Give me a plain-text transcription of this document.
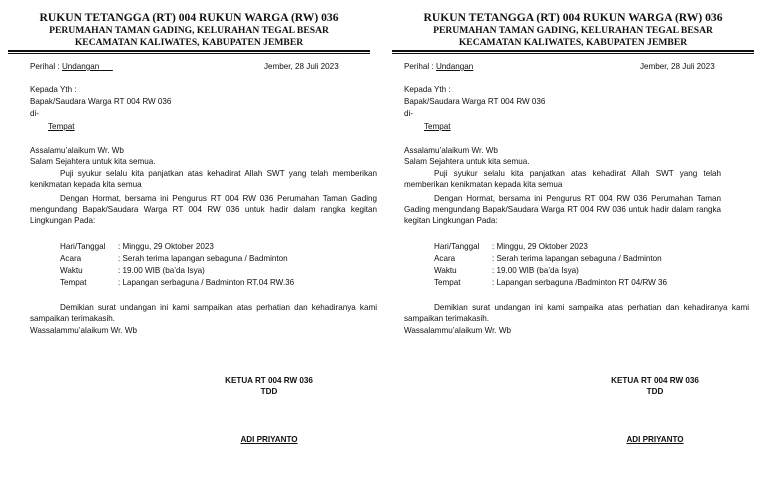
RUKUN TETANGGA (RT) 004 RUKUN WARGA (RW) 036
PERUMAHAN TAMAN GADING, KELURAHAN TEGAL BESAR
KECAMATAN KALIWATES, KABUPATEN JEMBER
Perihal : Undangan	Jember, 28 Juli 2023
Kepada Yth :
Bapak/Saudara Warga RT 004 RW 036
di-
Tempat
Assalamu’alaikum Wr. Wb
Salam Sejahtera untuk kita semua.
Puji syukur selalu kita panjatkan atas kehadirat Allah SWT yang telah memberikan kenikmatan kepada kita semua
Dengan Hormat, bersama ini Pengurus RT 004 RW 036 Perumahan Taman Gading mengundang Bapak/Saudara Warga RT 004 RW 036 untuk hadir dalam rangka kegitan Lingkungan Pada:
Hari/Tanggal : Minggu, 29 Oktober 2023
Acara	: Serah terima lapangan sebaguna / Badminton
Waktu	: 19.00 WIB (ba’da Isya)
Tempat	: Lapangan serbaguna / Badminton RT.04 RW.36
Demikian surat undangan ini kami sampaikan atas perhatian dan kehadiranya kami sampaikan terimakasih.
Wassalammu’alaikum Wr. Wb
KETUA RT 004 RW 036
TDD
ADI PRIYANTO
RUKUN TETANGGA (RT) 004 RUKUN WARGA (RW) 036
PERUMAHAN TAMAN GADING, KELURAHAN TEGAL BESAR
KECAMATAN KALIWATES, KABUPATEN JEMBER
Perihal : Undangan	Jember, 28 Juli 2023
Kepada Yth :
Bapak/Saudara Warga RT 004 RW 036
di-
Tempat
Assalamu’alaikum Wr. Wb
Salam Sejahtera untuk kita semua.
Puji syukur selalu kita panjatkan atas kehadirat Allah SWT yang telah memberikan kenikmatan kepada kita semua
Dengan Hormat, bersama ini Pengurus RT 004 RW 036 Perumahan Taman Gading mengundang Bapak/Saudara Warga RT 004 RW 036 untuk hadir dalam rangka kegitan Lingkungan Pada:
Hari/Tanggal : Minggu, 29 Oktober 2023
Acara	: Serah terima lapangan sebaguna / Badminton
Waktu	: 19.00 WIB (ba’da Isya)
Tempat	: Lapangan serbaguna /Badminton RT 04/RW 36
Demikian surat undangan ini kami sampaika atas perhatian dan kehadiranya kami sampaikan terimakasih.
Wassalammu’alaikum Wr. Wb
KETUA RT 004 RW 036
TDD
ADI PRIYANTO
